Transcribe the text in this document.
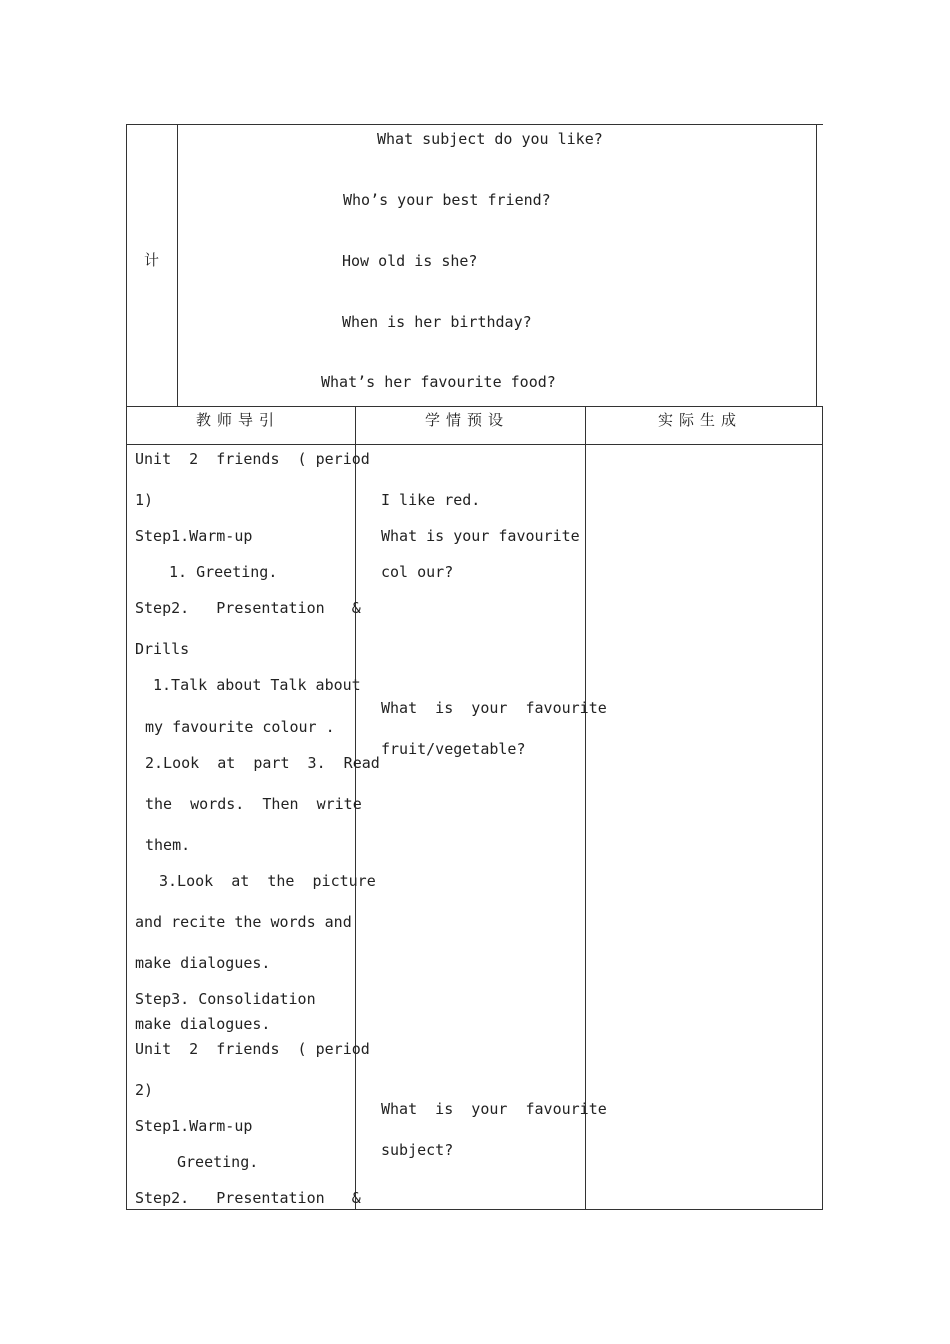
计
What subject do you like?
Who’s your best friend?
How old is she?
When is her birthday?
What’s her favourite food?
教师导引	学情预设	实际生成
Unit  2  friends  ( period
1)
Step1.Warm-up
1. Greeting.
Step2.   Presentation   &
Drills
1.Talk about Talk about
my favourite colour .
2.Look  at  part  3.  Read
the  words.  Then  write
them.
3.Look  at  the  picture
and recite the words and
make dialogues.
Step3. Consolidation
make dialogues.
Unit  2  friends  ( period
2)
Step1.Warm-up
Greeting.
Step2.   Presentation   &
I like red.
What is your favourite
col our?
What  is  your  favourite
fruit/vegetable?
What  is  your  favourite
subject?
